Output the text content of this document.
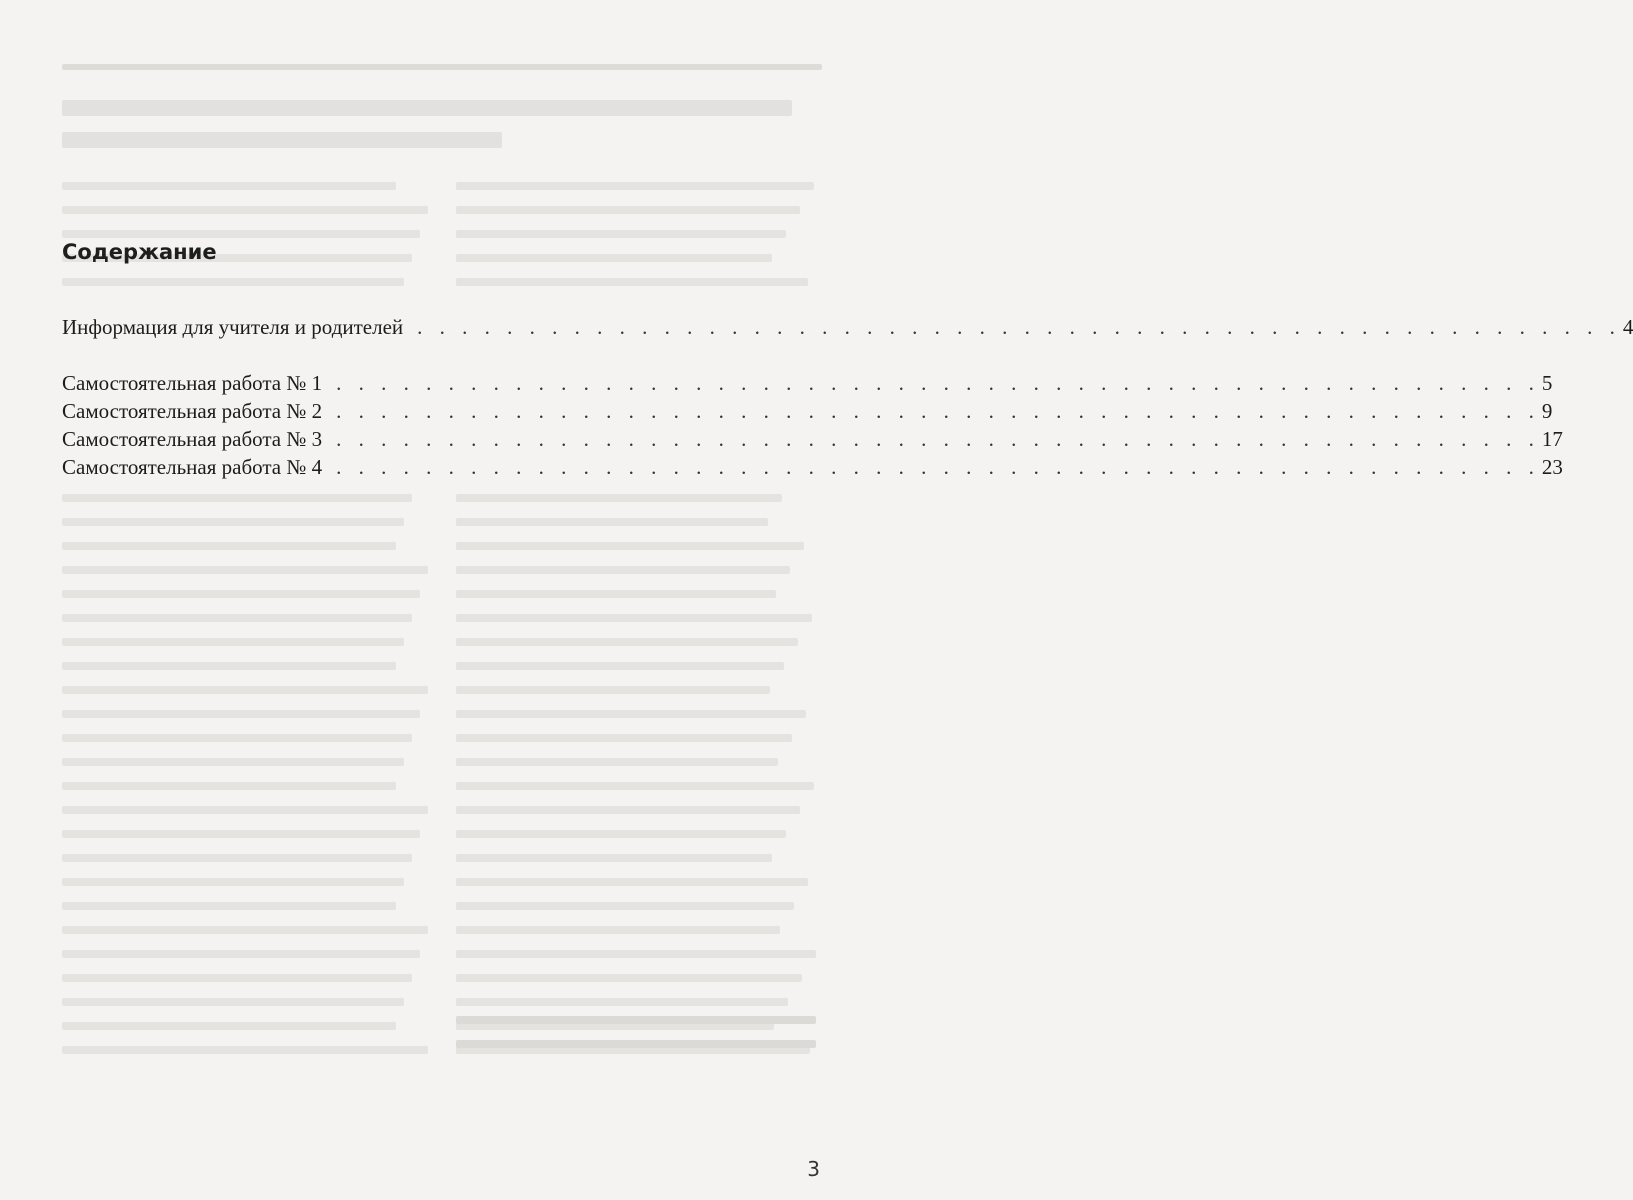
Содержание
Информация для учителя и родителей . . . . . . . . . . . . . . . . . . . . . . . . . . . . . . . . . . . . . . . . . . . . . . . . . . . . . . 4
Самостоятельная работа № 1 . . . . . . . . . . . . . . . . . . . . . . . . . . . . . . . . . . . . . . . . . . . . . . . . . . . . . . 5
Самостоятельная работа № 2 . . . . . . . . . . . . . . . . . . . . . . . . . . . . . . . . . . . . . . . . . . . . . . . . . . . . . . 9
Самостоятельная работа № 3 . . . . . . . . . . . . . . . . . . . . . . . . . . . . . . . . . . . . . . . . . . . . . . . . . . . . . . 17
Самостоятельная работа № 4 . . . . . . . . . . . . . . . . . . . . . . . . . . . . . . . . . . . . . . . . . . . . . . . . . . . . . . 23
3
